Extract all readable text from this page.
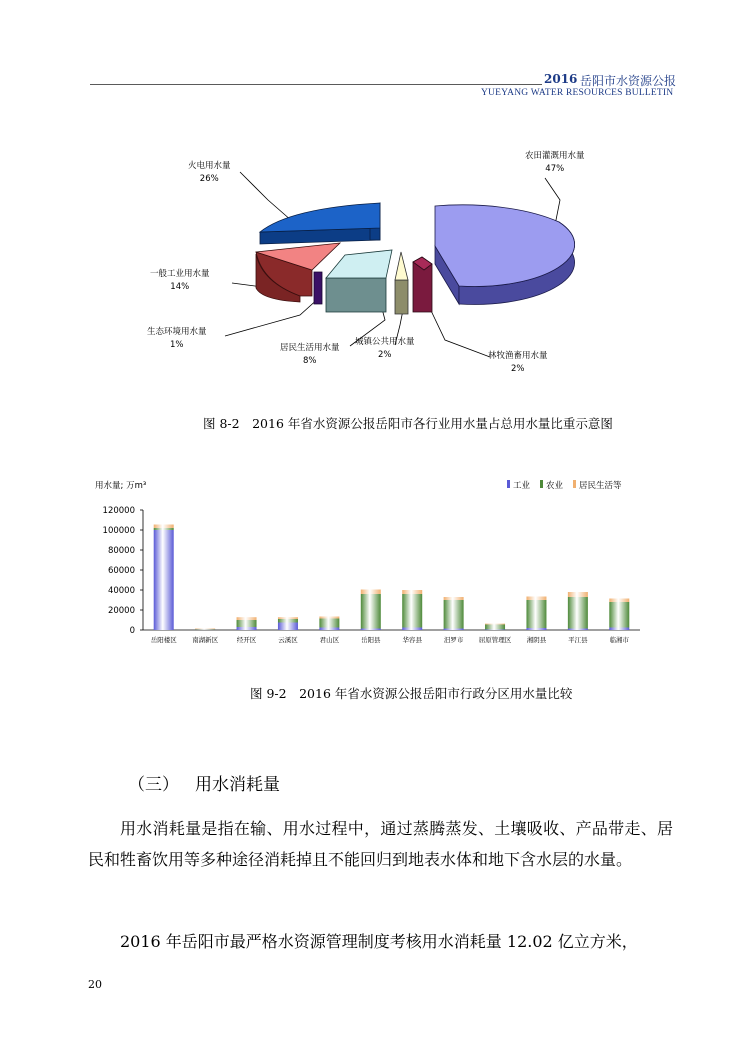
2016 岳阳市水资源公报
YUEYANG WATER RESOURCES BULLETIN
农田灌溉用水量
47%
林牧渔畜用水量
2%
城镇公共用水量
2%
居民生活用水量
8%
生态环境用水量
1%
一般工业用水量
14%
火电用水量
26%
图 8-2　2016 年省水资源公报岳阳市各行业用水量占总用水量比重示意图
用水量; 万m³	工业 农业 居民生活等
0
20000
40000
60000
80000
100000
120000
岳阳楼区 南湖新区	经开区	云溪区	君山区	岳阳县	华容县	汨罗市 屈原管理区 湘阴县	平江县	临湘市
图 9-2　2016 年省水资源公报岳阳市行政分区用水量比较
（三） 用水消耗量
用水消耗量是指在输、用水过程中，通过蒸腾蒸发、土壤吸收、产品带走、居民和牲畜饮用等多种途径消耗掉且不能回归到地表水体和地下含水层的水量。
2016 年岳阳市最严格水资源管理制度考核用水消耗量 12.02 亿立方米，
20
